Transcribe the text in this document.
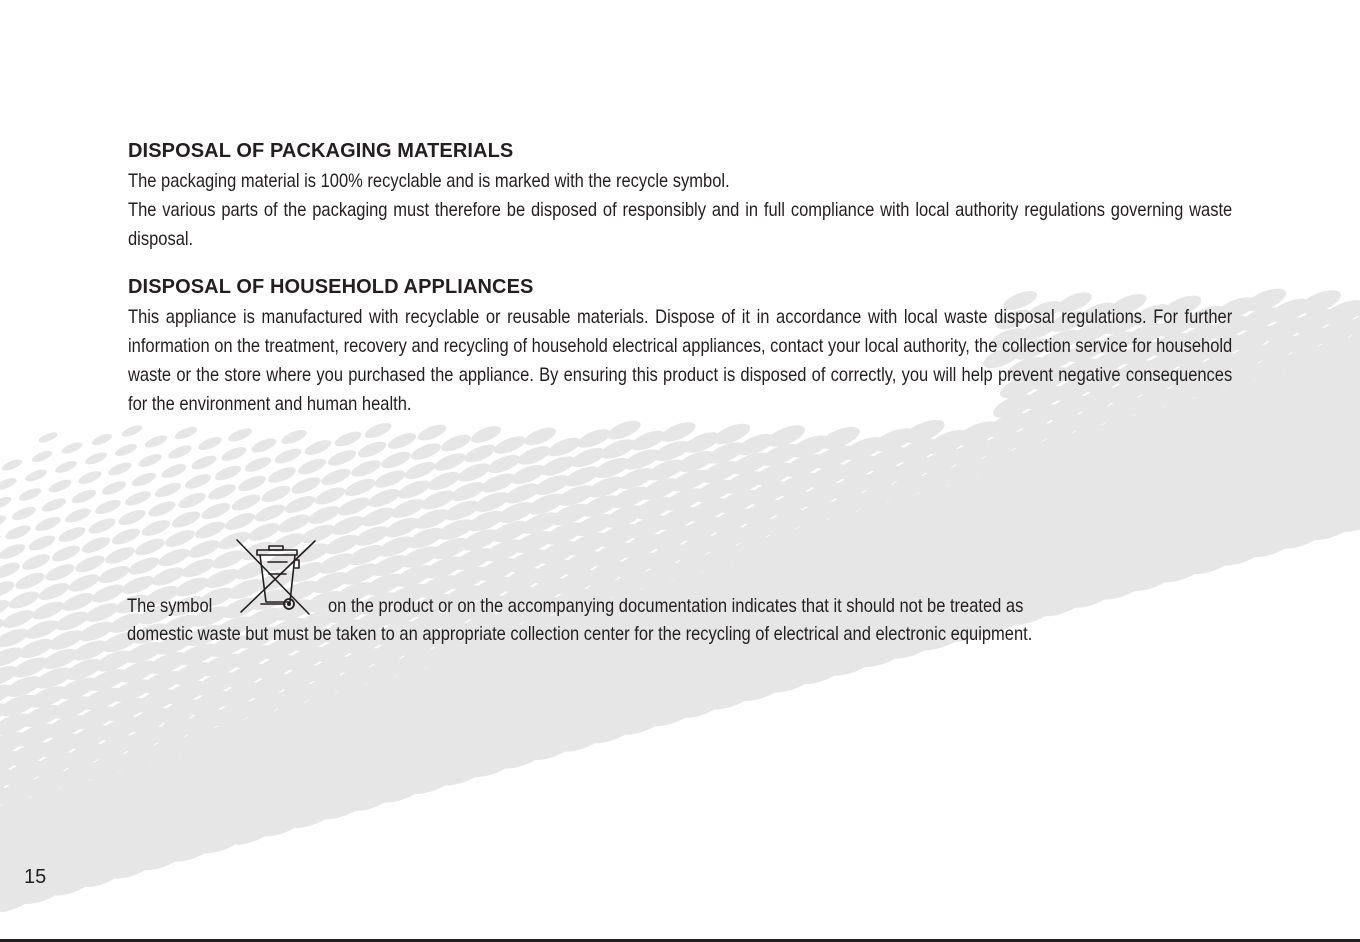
DISPOSAL OF PACKAGING MATERIALS

The packaging material is 100% recyclable and is marked with the recycle symbol.

The various parts of the packaging must therefore be disposed of responsibly and in full compliance with local authority regulations governing waste disposal.

DISPOSAL OF HOUSEHOLD APPLIANCES

This appliance is manufactured with recyclable or reusable materials. Dispose of it in accordance with local waste disposal regulations. For further information on the treatment, recovery and recycling of household electrical appliances, contact your local authority, the collection service for household waste or the store where you purchased the appliance. By ensuring this product is disposed of correctly, you will help prevent negative consequences for the environment and human health.

The symbol	on the product or on the accompanying documentation indicates that it should not be treated as
domestic waste but must be taken to an appropriate collection center for the recycling of electrical and electronic equipment.
15
